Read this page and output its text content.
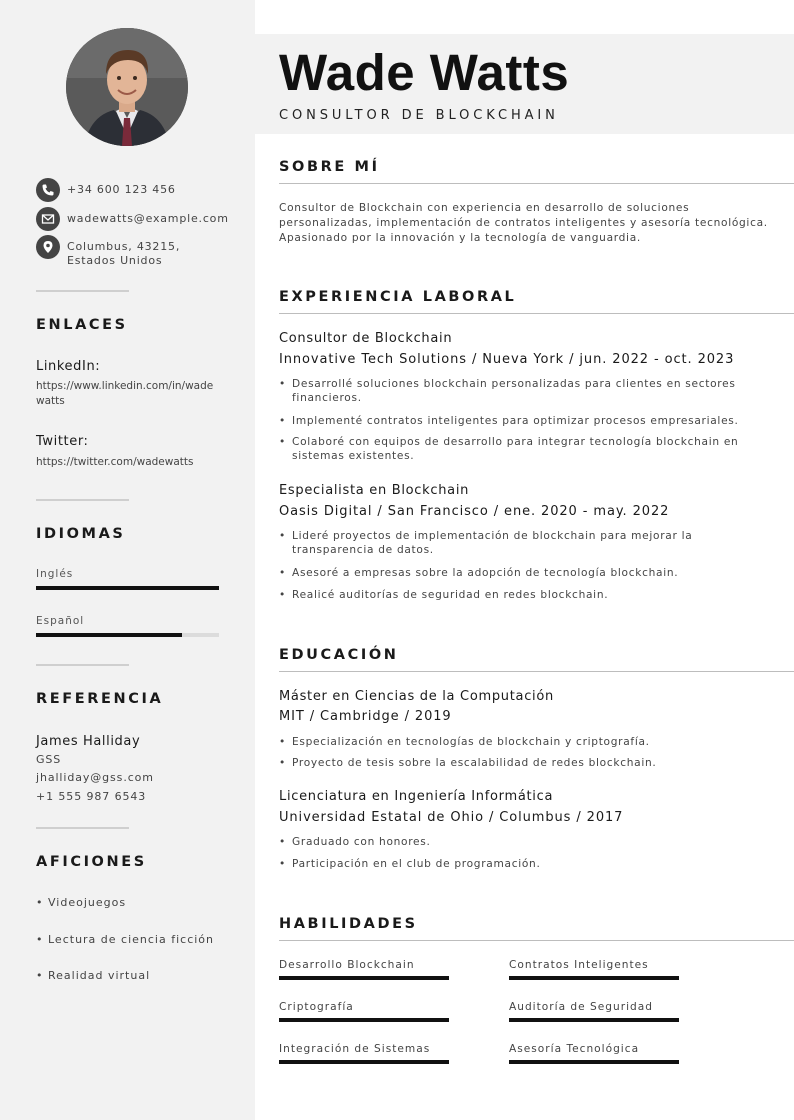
+34 600 123 456
wadewatts@example.com
Columbus, 43215, Estados Unidos
ENLACES
LinkedIn:
https://www.linkedin.com/in/wadewatts
Twitter:
https://twitter.com/wadewatts
IDIOMAS
Inglés
Español
REFERENCIA
James Halliday
GSS
jhalliday@gss.com
+1 555 987 6543
AFICIONES
• Videojuegos
• Lectura de ciencia ficción
• Realidad virtual
Wade Watts
CONSULTOR DE BLOCKCHAIN
SOBRE MÍ
Consultor de Blockchain con experiencia en desarrollo de soluciones personalizadas, implementación de contratos inteligentes y asesoría tecnológica. Apasionado por la innovación y la tecnología de vanguardia.
EXPERIENCIA LABORAL
Consultor de Blockchain
Innovative Tech Solutions / Nueva York / jun. 2022 - oct. 2023
• Desarrollé soluciones blockchain personalizadas para clientes en sectores financieros.
• Implementé contratos inteligentes para optimizar procesos empresariales.
• Colaboré con equipos de desarrollo para integrar tecnología blockchain en sistemas existentes.
Especialista en Blockchain
Oasis Digital / San Francisco / ene. 2020 - may. 2022
• Lideré proyectos de implementación de blockchain para mejorar la transparencia de datos.
• Asesoré a empresas sobre la adopción de tecnología blockchain.
• Realicé auditorías de seguridad en redes blockchain.
EDUCACIÓN
Máster en Ciencias de la Computación
MIT / Cambridge / 2019
• Especialización en tecnologías de blockchain y criptografía.
• Proyecto de tesis sobre la escalabilidad de redes blockchain.
Licenciatura en Ingeniería Informática
Universidad Estatal de Ohio / Columbus / 2017
• Graduado con honores.
• Participación en el club de programación.
HABILIDADES
Desarrollo Blockchain	Contratos Inteligentes
Criptografía	Auditoría de Seguridad
Integración de Sistemas	Asesoría Tecnológica
